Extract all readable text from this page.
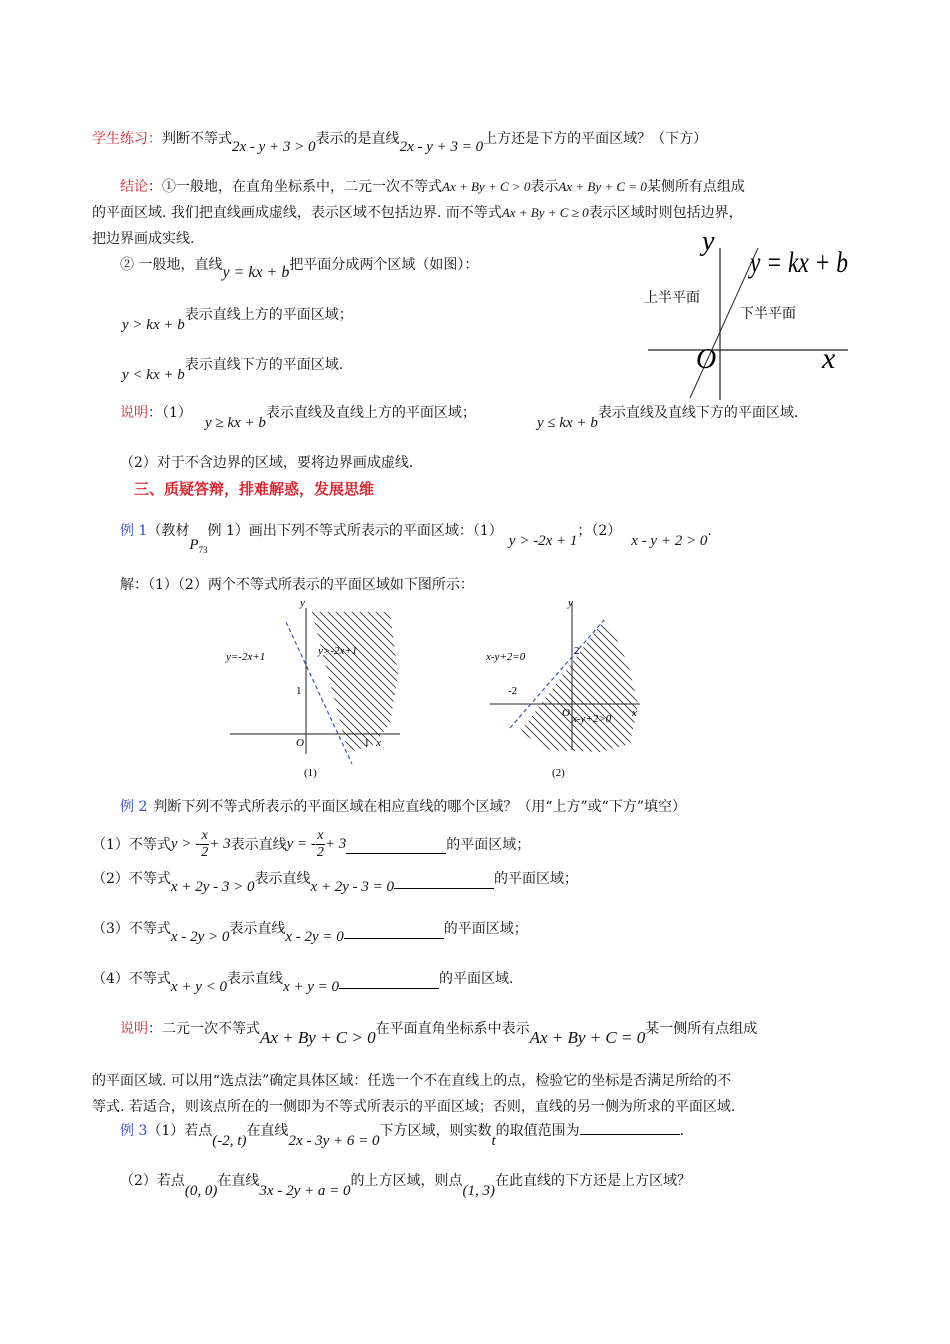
学生练习：判断不等式2x - y + 3 > 0表示的是直线2x - y + 3 = 0上方还是下方的平面区域？（下方）
结论：①一般地，在直角坐标系中，二元一次不等式Ax + By + C > 0表示Ax + By + C = 0某侧所有点组成
的平面区域. 我们把直线画成虚线，表示区域不包括边界. 而不等式Ax + By + C ≥ 0表示区域时则包括边界，
把边界画成实线.
② 一般地，直线y = kx + b把平面分成两个区域（如图）：
y > kx + b表示直线上方的平面区域；
y < kx + b表示直线下方的平面区域.
y
x
O
y = kx + b
上半平面
下半平面
说明：（1）
y ≥ kx + b表示直线及直线上方的平面区域；
y ≤ kx + b表示直线及直线下方的平面区域.
（2）对于不含边界的区域，要将边界画成虚线.
三、质疑答辩，排难解惑，发展思维
例 1（教材$P_{73}$例 1）画出下列不等式所表示的平面区域：（1）y > -2x + 1；（2）x - y + 2 > 0.
解：（1）（2）两个不等式所表示的平面区域如下图所示：
y
x
O
1
1
y=-2x+1	y>-2x+1
(1)
y
x
O
2
-2
x-y+2=0
x-y+2>0
(2)
例 2 判断下列不等式所表示的平面区域在相应直线的哪个区域？（用“上方”或“下方”填空）
（1）不等式 y > - $\frac{x}{2} + 3$ 表示直线 y = - $\frac{x}{2} + 3$	的平面区域；
（2）不等式x + 2y - 3 > 0表示直线x + 2y - 3 = 0	的平面区域；
（3）不等式x - 2y > 0表示直线x - 2y = 0	的平面区域；
（4）不等式x + y < 0表示直线x + y = 0	的平面区域.
说明：二元一次不等式Ax + By + C > 0在平面直角坐标系中表示Ax + By + C = 0某一侧所有点组成
的平面区域. 可以用“选点法”确定具体区域：任选一个不在直线上的点，检验它的坐标是否满足所给的不
等式. 若适合，则该点所在的一侧即为不等式所表示的平面区域；否则，直线的另一侧为所求的平面区域.
例 3（1）若点(-2, t)在直线2x - 3y + 6 = 0下方区域，则实数t的取值范围为	.
（2）若点(0, 0)在直线3x - 2y + a = 0的上方区域，则点(1, 3)在此直线的下方还是上方区域？
